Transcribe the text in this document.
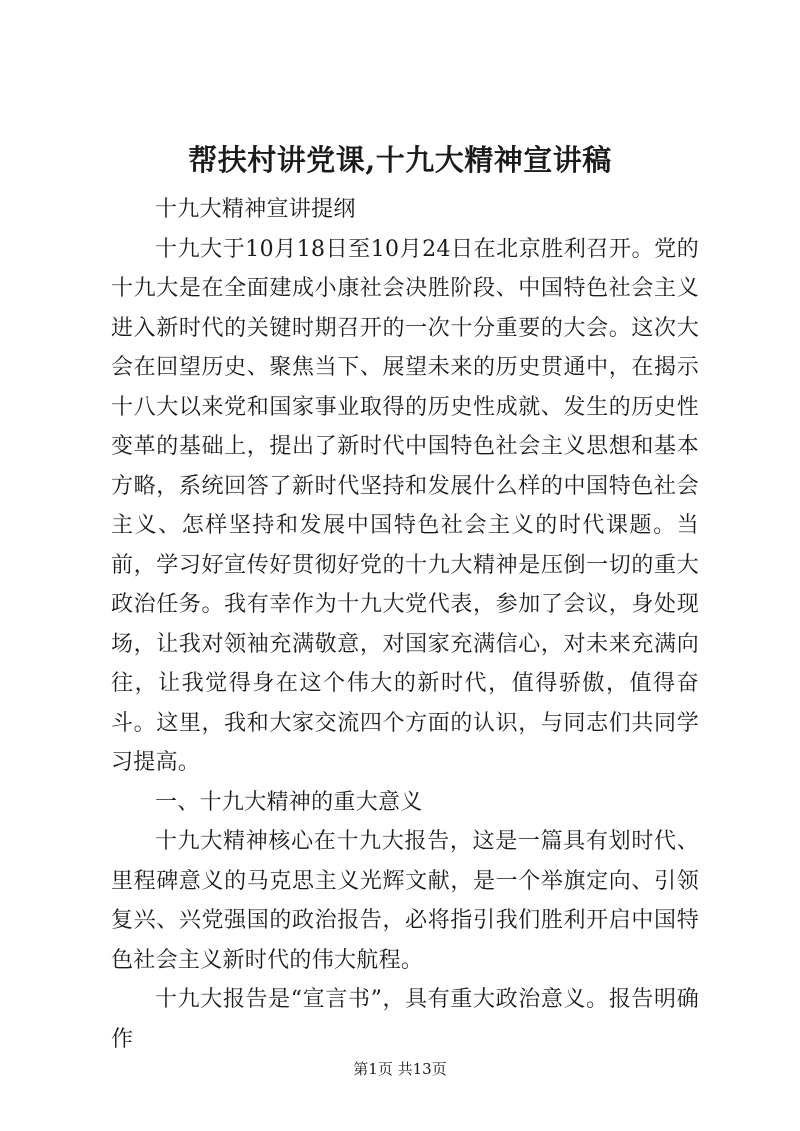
帮扶村讲党课,十九大精神宣讲稿

十九大精神宣讲提纲

十九大于10月18日至10月24日在北京胜利召开。党的十九大是在全面建成小康社会决胜阶段、中国特色社会主义进入新时代的关键时期召开的一次十分重要的大会。这次大会在回望历史、聚焦当下、展望未来的历史贯通中，在揭示十八大以来党和国家事业取得的历史性成就、发生的历史性变革的基础上，提出了新时代中国特色社会主义思想和基本方略，系统回答了新时代坚持和发展什么样的中国特色社会主义、怎样坚持和发展中国特色社会主义的时代课题。当前，学习好宣传好贯彻好党的十九大精神是压倒一切的重大政治任务。我有幸作为十九大党代表，参加了会议，身处现场，让我对领袖充满敬意，对国家充满信心，对未来充满向往，让我觉得身在这个伟大的新时代，值得骄傲，值得奋斗。这里，我和大家交流四个方面的认识，与同志们共同学习提高。

一、十九大精神的重大意义

十九大精神核心在十九大报告，这是一篇具有划时代、里程碑意义的马克思主义光辉文献，是一个举旗定向、引领复兴、兴党强国的政治报告，必将指引我们胜利开启中国特色社会主义新时代的伟大航程。

十九大报告是“宣言书”，具有重大政治意义。报告明确作

第1页 共13页
